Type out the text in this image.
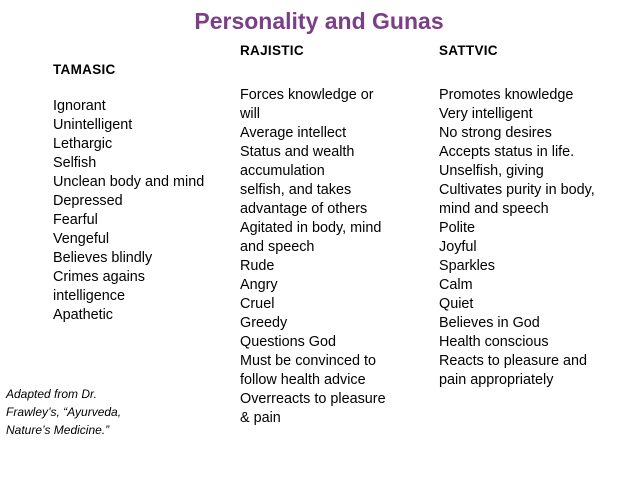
Personality and Gunas
TAMASIC
Ignorant
Unintelligent
Lethargic
Selfish
Unclean body and mind
Depressed
Fearful
Vengeful
Believes blindly
Crimes agains
intelligence
Apathetic
RAJISTIC
Forces knowledge or
will
Average intellect
Status and wealth
accumulation
selfish, and takes
advantage of others
Agitated in body, mind
and speech
Rude
Angry
Cruel
Greedy
Questions God
Must be convinced to
follow health advice
Overreacts to pleasure
& pain
SATTVIC
Promotes knowledge
Very intelligent
No strong desires
Accepts status in life.
Unselfish, giving
Cultivates purity in body,
mind and speech
Polite
Joyful
Sparkles
Calm
Quiet
Believes in God
Health conscious
Reacts to pleasure and
pain appropriately
Adapted from Dr.
Frawley’s, “Ayurveda,
Nature’s Medicine.”
